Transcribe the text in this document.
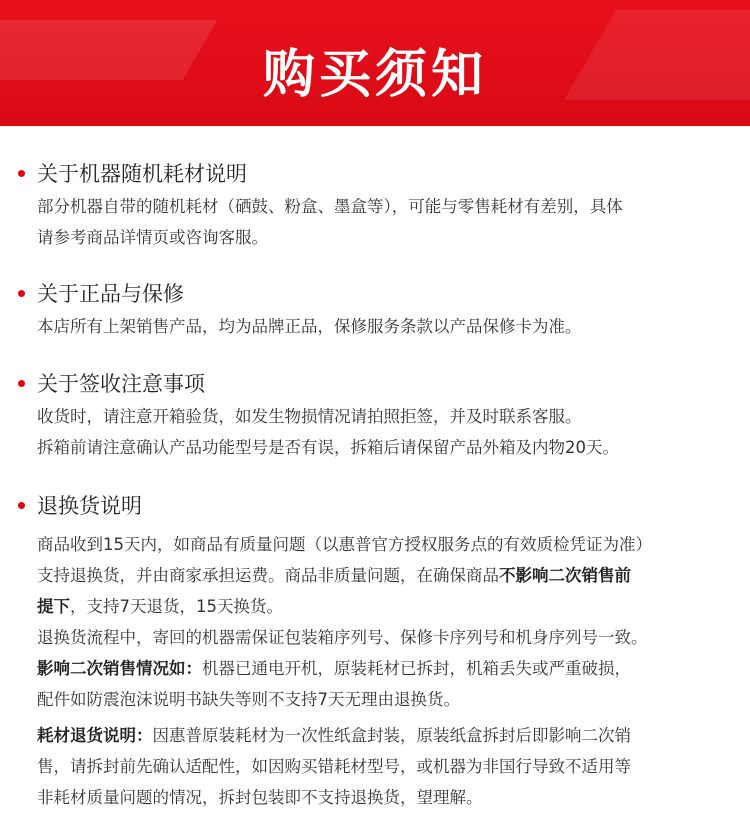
购买须知
关于机器随机耗材说明
部分机器自带的随机耗材（硒鼓、粉盒、墨盒等），可能与零售耗材有差别，具体
请参考商品详情页或咨询客服。
关于正品与保修
本店所有上架销售产品，均为品牌正品，保修服务条款以产品保修卡为准。
关于签收注意事项
收货时，请注意开箱验货，如发生物损情况请拍照拒签，并及时联系客服。
拆箱前请注意确认产品功能型号是否有误，拆箱后请保留产品外箱及内物20天。
退换货说明
商品收到15天内，如商品有质量问题（以惠普官方授权服务点的有效质检凭证为准）
支持退换货，并由商家承担运费。商品非质量问题，在确保商品不影响二次销售前
提下，支持7天退货，15天换货。
退换货流程中，寄回的机器需保证包装箱序列号、保修卡序列号和机身序列号一致。
影响二次销售情况如：机器已通电开机，原装耗材已拆封，机箱丢失或严重破损，
配件如防震泡沫说明书缺失等则不支持7天无理由退换货。
耗材退货说明：因惠普原装耗材为一次性纸盒封装，原装纸盒拆封后即影响二次销
售，请拆封前先确认适配性，如因购买错耗材型号，或机器为非国行导致不适用等
非耗材质量问题的情况，拆封包装即不支持退换货，望理解。
